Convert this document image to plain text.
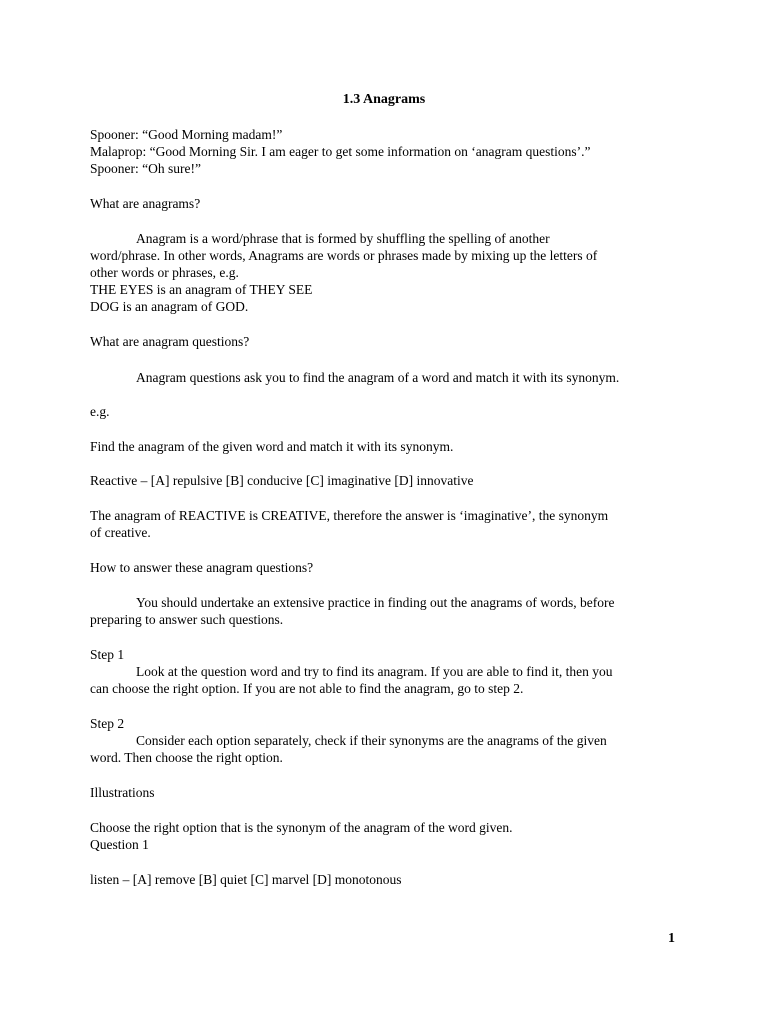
1.3 Anagrams
Spooner: “Good Morning madam!”
Malaprop: “Good Morning Sir. I am eager to get some information on ‘anagram questions’.”
Spooner: “Oh sure!”
What are anagrams?
Anagram is a word/phrase that is formed by shuffling the spelling of another
word/phrase. In other words, Anagrams are words or phrases made by mixing up the letters of
other words or phrases, e.g.
THE EYES is an anagram of THEY SEE
DOG is an anagram of GOD.
What are anagram questions?
Anagram questions ask you to find the anagram of a word and match it with its synonym.
e.g.
Find the anagram of the given word and match it with its synonym.
Reactive – [A] repulsive [B] conducive [C] imaginative [D] innovative
The anagram of REACTIVE is CREATIVE, therefore the answer is ‘imaginative’, the synonym
of creative.
How to answer these anagram questions?
You should undertake an extensive practice in finding out the anagrams of words, before
preparing to answer such questions.
Step 1
Look at the question word and try to find its anagram. If you are able to find it, then you
can choose the right option. If you are not able to find the anagram, go to step 2.
Step 2
Consider each option separately, check if their synonyms are the anagrams of the given
word. Then choose the right option.
Illustrations
Choose the right option that is the synonym of the anagram of the word given.
Question 1
listen – [A] remove [B] quiet [C] marvel [D] monotonous
1
